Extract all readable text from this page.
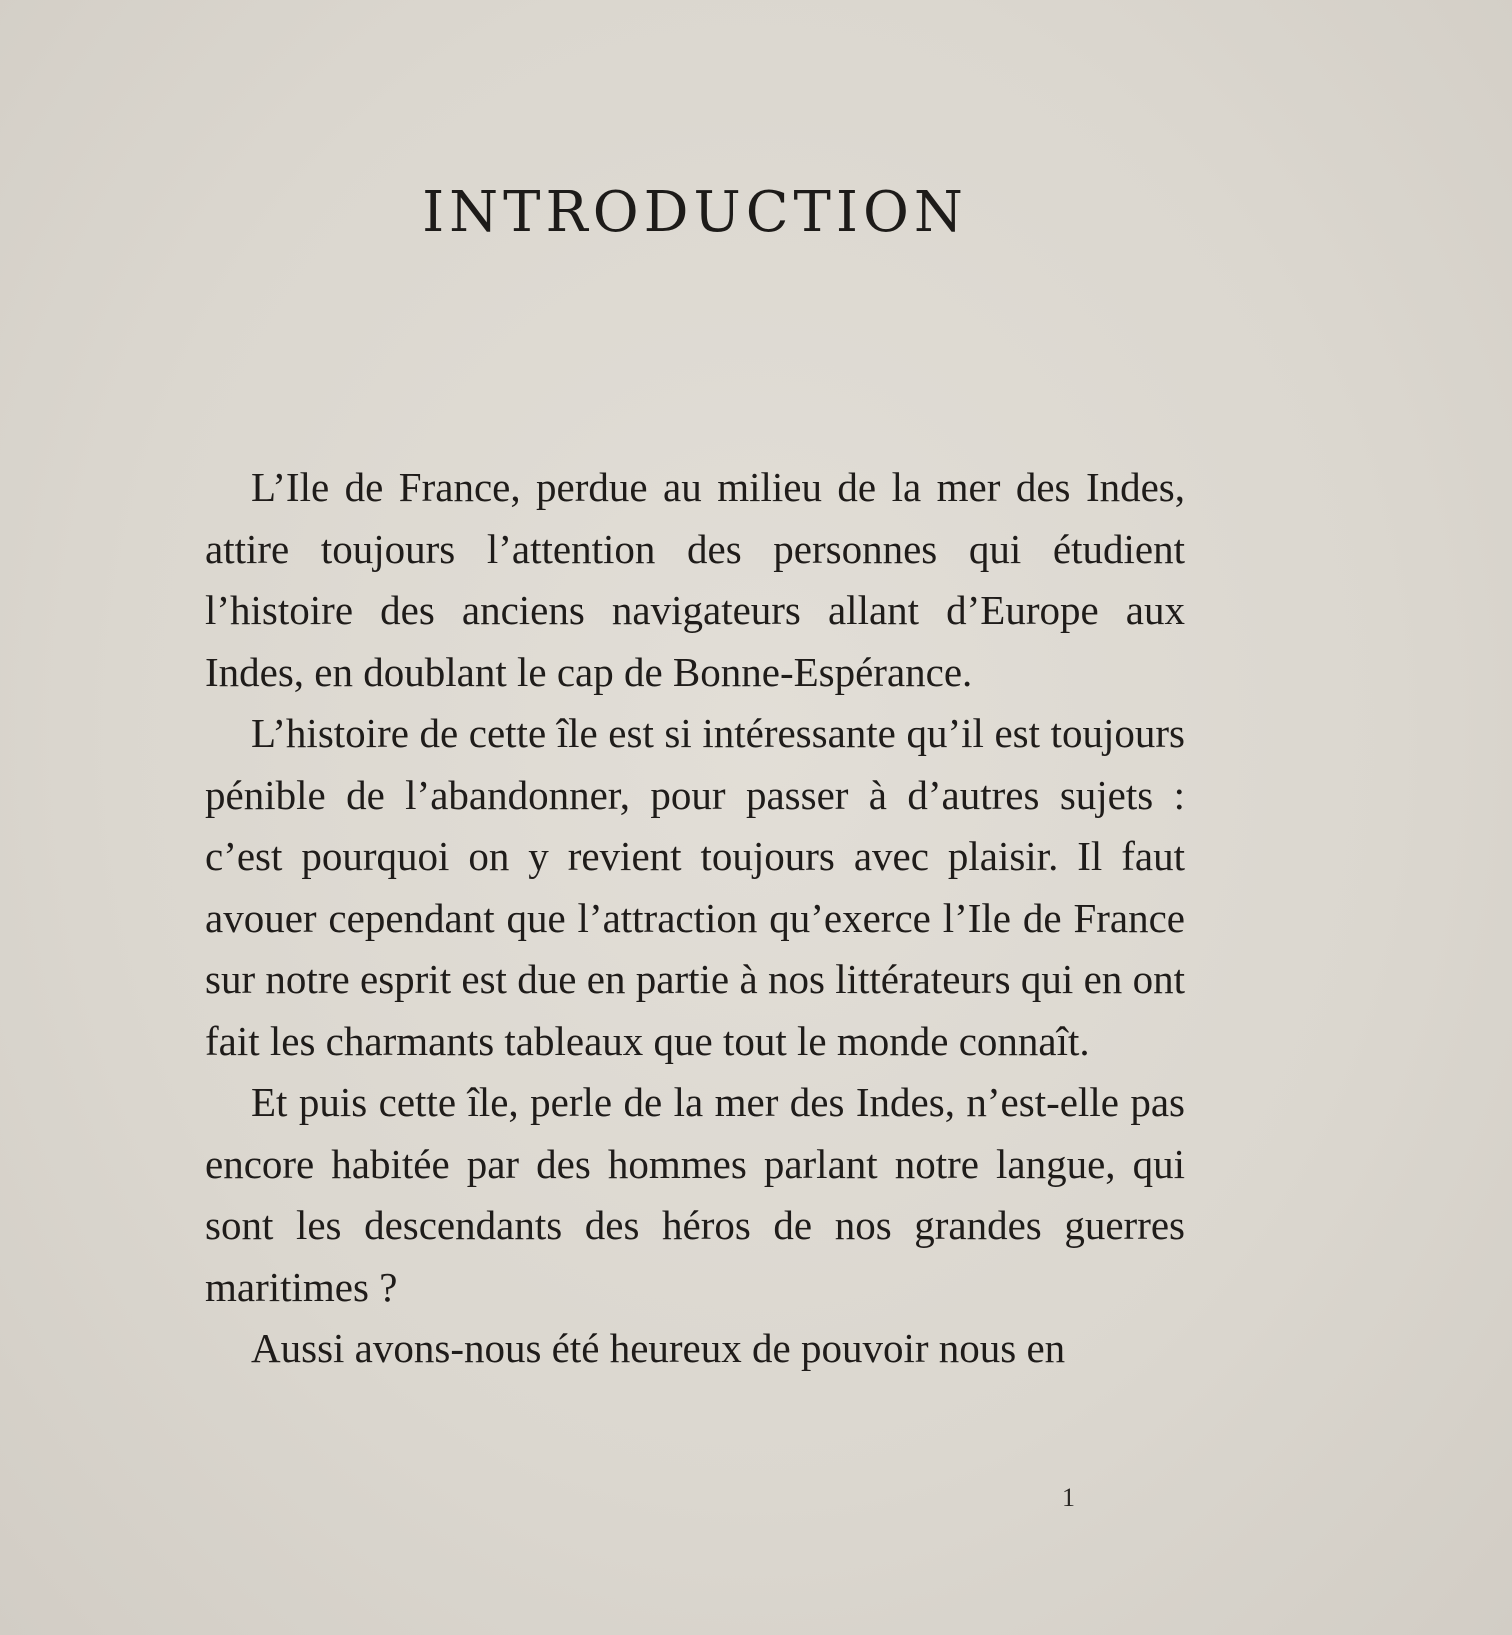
INTRODUCTION

L’Ile de France, perdue au milieu de la mer des Indes, attire toujours l’attention des personnes qui étudient l’histoire des anciens navigateurs allant d’Europe aux Indes, en doublant le cap de Bonne-Espérance.

L’histoire de cette île est si intéressante qu’il est toujours pénible de l’abandonner, pour passer à d’autres sujets : c’est pourquoi on y revient toujours avec plaisir. Il faut avouer cependant que l’attraction qu’exerce l’Ile de France sur notre esprit est due en partie à nos littérateurs qui en ont fait les charmants tableaux que tout le monde connaît.

Et puis cette île, perle de la mer des Indes, n’est-elle pas encore habitée par des hommes parlant notre langue, qui sont les descendants des héros de nos grandes guerres maritimes ?

Aussi avons-nous été heureux de pouvoir nous en

1
